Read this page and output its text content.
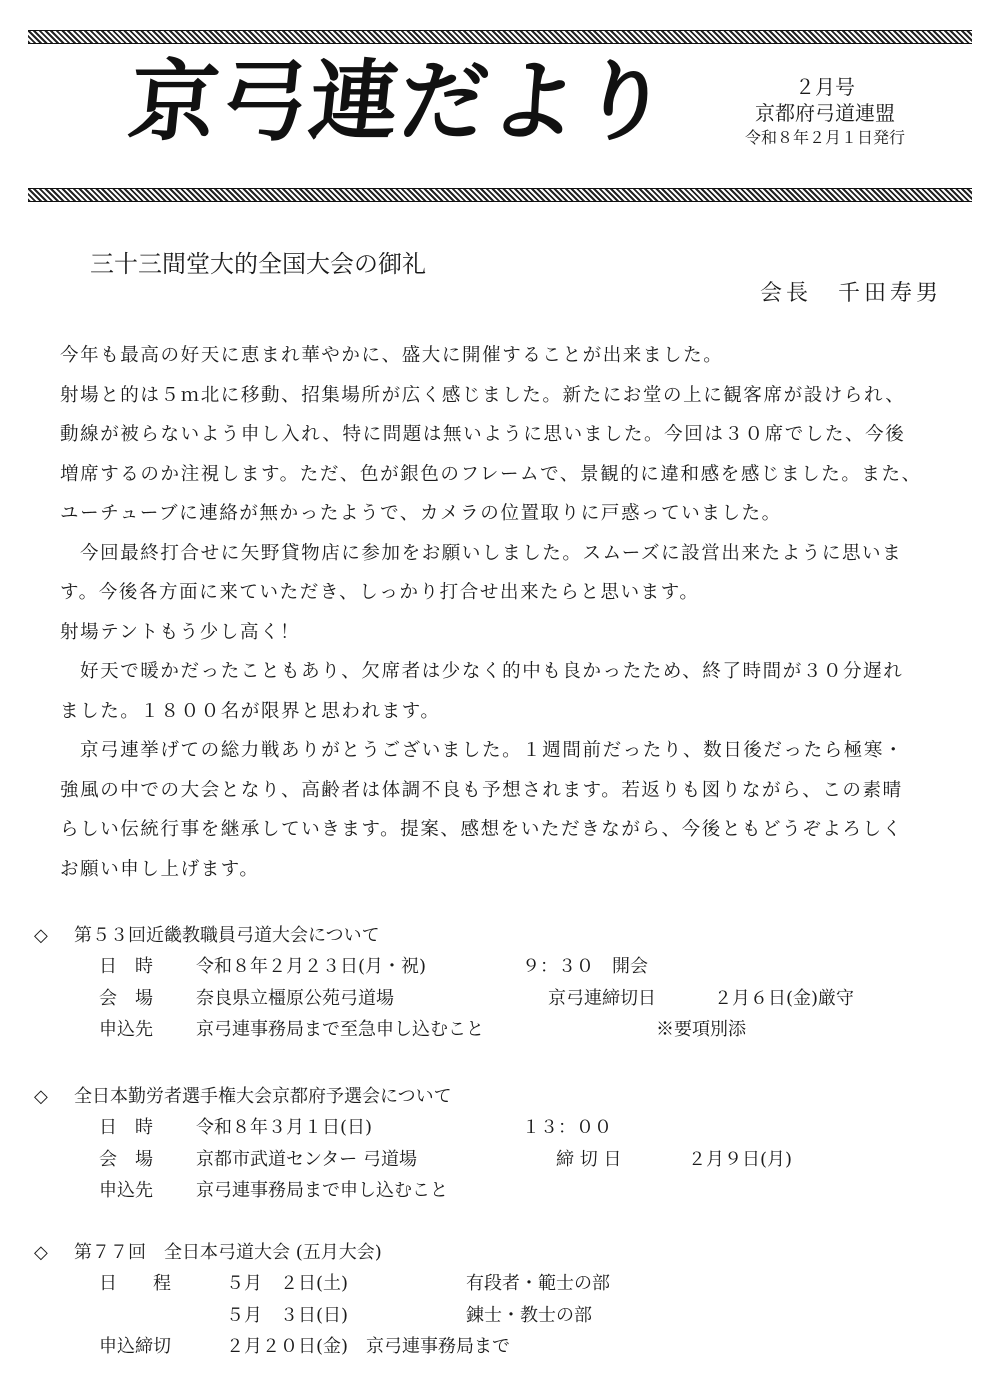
京弓連だより	２月号
京都府弓道連盟
令和８年２月１日発行
三十三間堂大的全国大会の御礼
会長　千田寿男

今年も最高の好天に恵まれ華やかに、盛大に開催することが出来ました。

射場と的は５ｍ北に移動、招集場所が広く感じました。新たにお堂の上に観客席が設けられ、

動線が被らないよう申し入れ、特に問題は無いように思いました。今回は３０席でした、今後

増席するのか注視します。ただ、色が銀色のフレームで、景観的に違和感を感じました。また、

ユーチューブに連絡が無かったようで、カメラの位置取りに戸惑っていました。

今回最終打合せに矢野貸物店に参加をお願いしました。スムーズに設営出来たように思いま

す。今後各方面に来ていただき、しっかり打合せ出来たらと思います。

射場テントもう少し高く！

好天で暖かだったこともあり、欠席者は少なく的中も良かったため、終了時間が３０分遅れ

ました。１８００名が限界と思われます。

京弓連挙げての総力戦ありがとうございました。１週間前だったり、数日後だったら極寒・

強風の中での大会となり、高齢者は体調不良も予想されます。若返りも図りながら、この素晴

らしい伝統行事を継承していきます。提案、感想をいただきながら、今後ともどうぞよろしく

お願い申し上げます。

◇ 第５３回近畿教職員弓道大会について
日　時 令和８年２月２３日(月・祝)	９：３０　開会
会　場 奈良県立橿原公苑弓道場	京弓連締切日	２月６日(金)厳守
申込先 京弓連事務局まで至急申し込むこと	※要項別添
◇ 全日本勤労者選手権大会京都府予選会について
日　時 令和８年３月１日(日)	１３：００
会　場 京都市武道センター 弓道場	締 切 日	２月９日(月)
申込先 京弓連事務局まで申し込むこと
◇ 第７７回　全日本弓道大会 (五月大会)
日　　程	５月　２日(土)	有段者・範士の部
５月　３日(日)	錬士・教士の部
申込締切	２月２０日(金)　京弓連事務局まで
